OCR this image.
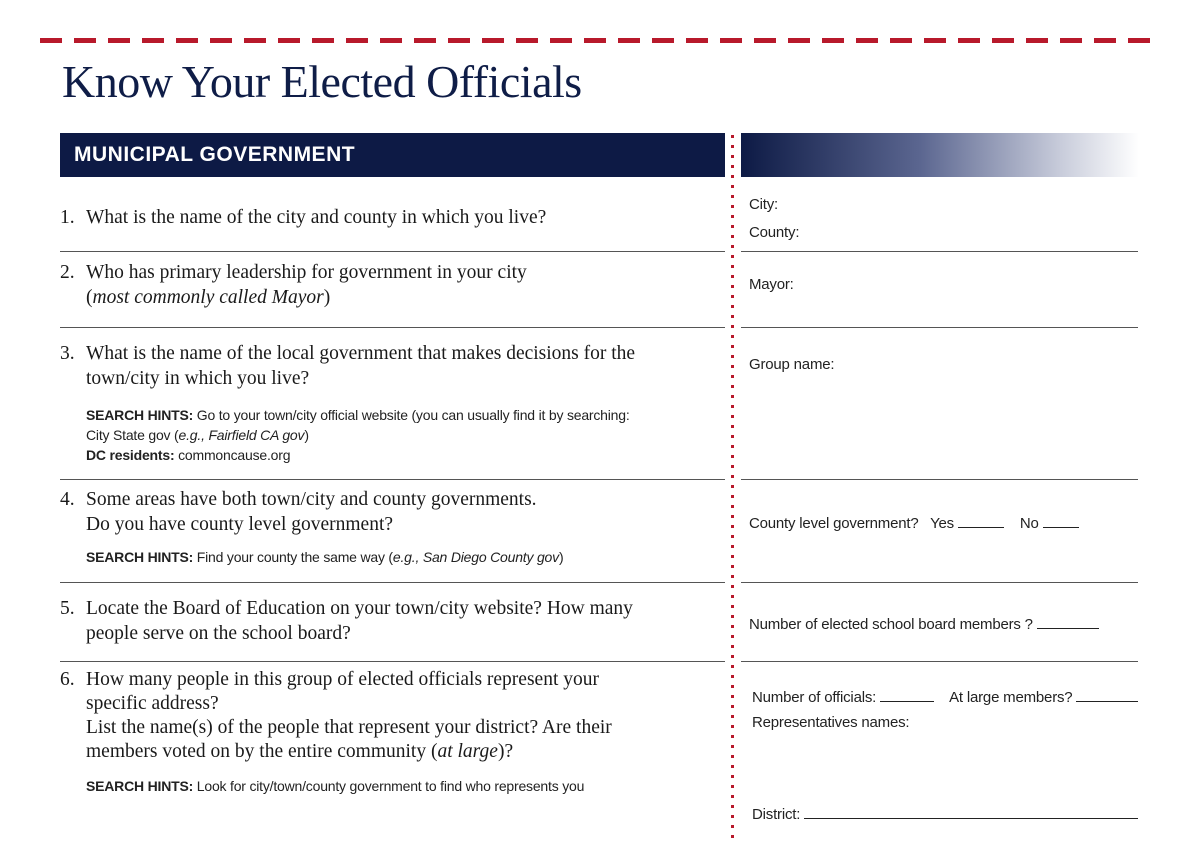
Know Your Elected Officials
MUNICIPAL GOVERNMENT
1. What is the name of the city and county in which you live?
2. Who has primary leadership for government in your city
(most commonly called Mayor)
3. What is the name of the local government that makes decisions for the
town/city in which you live?
SEARCH HINTS: Go to your town/city official website (you can usually find it by searching:
City State gov (e.g., Fairfield CA gov)
DC residents: commoncause.org
4. Some areas have both town/city and county governments.
Do you have county level government?
SEARCH HINTS: Find your county the same way (e.g., San Diego County gov)
5. Locate the Board of Education on your town/city website? How many
people serve on the school board?
6. How many people in this group of elected officials represent your
specific address?
List the name(s) of the people that represent your district? Are their
members voted on by the entire community (at large)?
SEARCH HINTS: Look for city/town/county government to find who represents you
City:
County:
Mayor:
Group name:
County level government? Yes	No
Number of elected school board members ?
Number of officials:	At large members?
Representatives names:
District:
